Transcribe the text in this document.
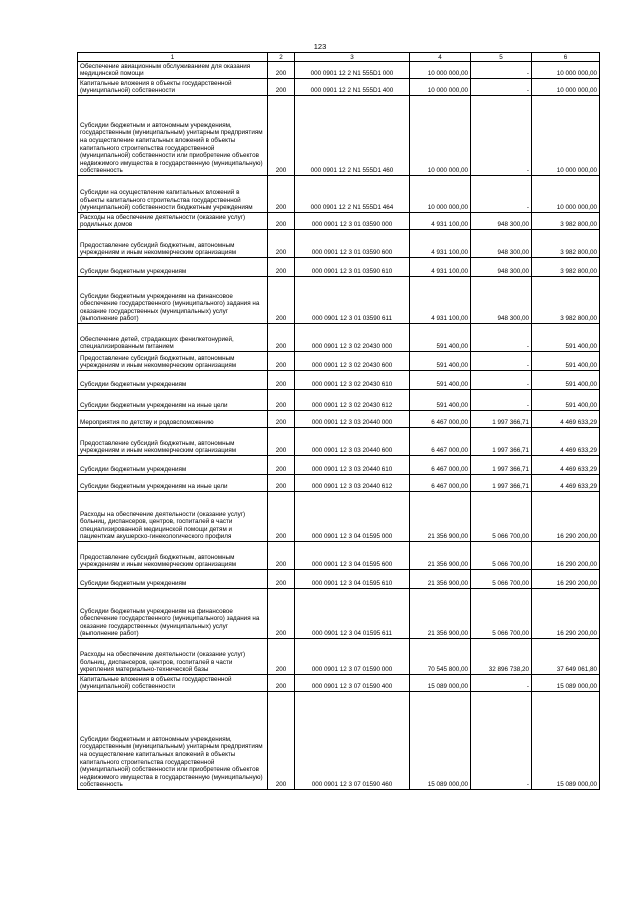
123
1	2	3	4	5	6
Обеспечение авиационным обслуживанием для оказания медицинской помощи	200	000 0901 12 2 N1 555D1 000	10 000 000,00	-	10 000 000,00
Капитальные вложения в объекты государственной (муниципальной) собственности	200	000 0901 12 2 N1 555D1 400	10 000 000,00	-	10 000 000,00
Субсидии бюджетным и автономным учреждениям, государственным (муниципальным) унитарным предприятиям на осуществление капитальных вложений в объекты капитального строительства государственной (муниципальной) собственности или приобретение объектов недвижимого имущества в государственную (муниципальную) собственность	200	000 0901 12 2 N1 555D1 460	10 000 000,00	-	10 000 000,00
Субсидии на осуществление капитальных вложений в объекты капитального строительства государственной (муниципальной) собственности бюджетным учреждениям	200	000 0901 12 2 N1 555D1 464	10 000 000,00	-	10 000 000,00
Расходы на обеспечение деятельности (оказание услуг) родильных домов	200	000 0901 12 3 01 03590 000	4 931 100,00	948 300,00	3 982 800,00
Предоставление субсидий бюджетным, автономным учреждениям и иным некоммерческим организациям	200	000 0901 12 3 01 03590 600	4 931 100,00	948 300,00	3 982 800,00
Субсидии бюджетным учреждениям	200	000 0901 12 3 01 03590 610	4 931 100,00	948 300,00	3 982 800,00
Субсидии бюджетным учреждениям на финансовое обеспечение государственного (муниципального) задания на оказание государственных (муниципальных) услуг (выполнение работ)	200	000 0901 12 3 01 03590 611	4 931 100,00	948 300,00	3 982 800,00
Обеспечение детей, страдающих фенилкетонурией, специализированным питанием	200	000 0901 12 3 02 20430 000	591 400,00	-	591 400,00
Предоставление субсидий бюджетным, автономным учреждениям и иным некоммерческим организациям	200	000 0901 12 3 02 20430 600	591 400,00	-	591 400,00
Субсидии бюджетным учреждениям	200	000 0901 12 3 02 20430 610	591 400,00	-	591 400,00
Субсидии бюджетным учреждениям на иные цели	200	000 0901 12 3 02 20430 612	591 400,00	-	591 400,00
Мероприятия по детству и родовспоможению	200	000 0901 12 3 03 20440 000	6 467 000,00	1 997 366,71	4 469 633,29
Предоставление субсидий бюджетным, автономным учреждениям и иным некоммерческим организациям	200	000 0901 12 3 03 20440 600	6 467 000,00	1 997 366,71	4 469 633,29
Субсидии бюджетным учреждениям	200	000 0901 12 3 03 20440 610	6 467 000,00	1 997 366,71	4 469 633,29
Субсидии бюджетным учреждениям на иные цели	200	000 0901 12 3 03 20440 612	6 467 000,00	1 997 366,71	4 469 633,29
Расходы на обеспечение деятельности (оказание услуг) больниц, диспансеров, центров, госпиталей в части специализированной медицинской помощи детям и пациенткам акушерско-гинекологического профиля	200	000 0901 12 3 04 01595 000	21 356 900,00	5 066 700,00	16 290 200,00
Предоставление субсидий бюджетным, автономным учреждениям и иным некоммерческим организациям	200	000 0901 12 3 04 01595 600	21 356 900,00	5 066 700,00	16 290 200,00
Субсидии бюджетным учреждениям	200	000 0901 12 3 04 01595 610	21 356 900,00	5 066 700,00	16 290 200,00
Субсидии бюджетным учреждениям на финансовое обеспечение государственного (муниципального) задания на оказание государственных (муниципальных) услуг (выполнение работ)	200	000 0901 12 3 04 01595 611	21 356 900,00	5 066 700,00	16 290 200,00
Расходы на обеспечение деятельности (оказание услуг) больниц, диспансеров, центров, госпиталей в части укрепления материально-технической базы	200	000 0901 12 3 07 01590 000	70 545 800,00	32 896 738,20	37 649 061,80
Капитальные вложения в объекты государственной (муниципальной) собственности	200	000 0901 12 3 07 01590 400	15 089 000,00	-	15 089 000,00
Субсидии бюджетным и автономным учреждениям, государственным (муниципальным) унитарным предприятиям на осуществление капитальных вложений в объекты капитального строительства государственной (муниципальной) собственности или приобретение объектов недвижимого имущества в государственную (муниципальную) собственность	200	000 0901 12 3 07 01590 460	15 089 000,00	-	15 089 000,00
